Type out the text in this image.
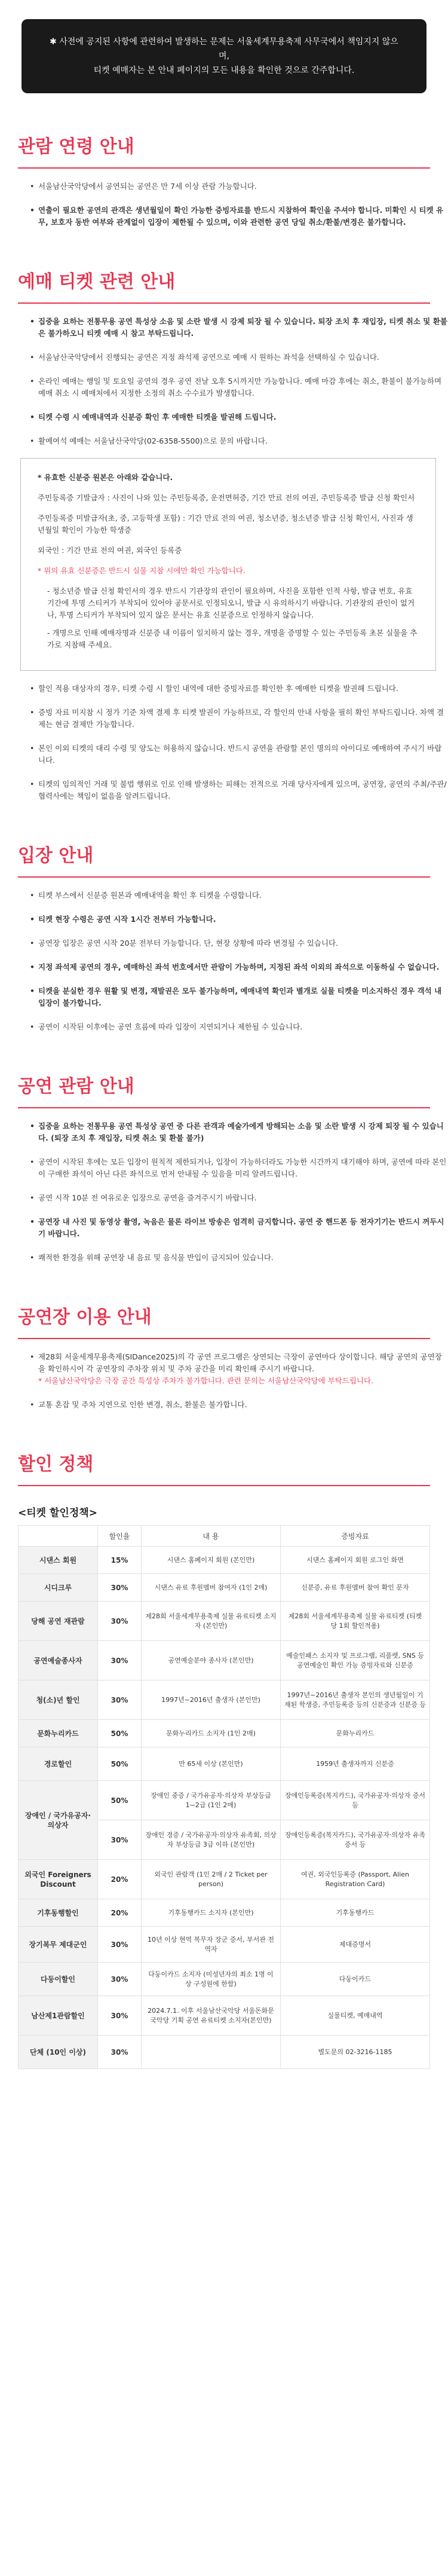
✱ 사전에 공지된 사항에 관련하여 발생하는 문제는 서울세계무용축제 사무국에서 책임지지 않으며,
티켓 예매자는 본 안내 페이지의 모든 내용을 확인한 것으로 간주합니다.
관람 연령 안내
• 서울남산국악당에서 공연되는 공연은 만 7세 이상 관람 가능합니다.
• 연출이 필요한 공연의 관객은 생년월일이 확인 가능한 증빙자료를 반드시 지참하여 확인을 주셔야 합니다. 미확인 시 티켓 유무, 보호자 동반 여부와 관계없이 입장이 제한될 수 있으며, 이와 관련한 공연 당일 취소/환불/변경은 불가합니다.
예매 티켓 관련 안내
• 집중을 요하는 전통무용 공연 특성상 소음 및 소란 발생 시 강제 퇴장 될 수 있습니다. 퇴장 조치 후 재입장, 티켓 취소 및 환불은 불가하오니 티켓 예매 시 참고 부탁드립니다.
• 서울남산국악당에서 진행되는 공연은 지정 좌석제 공연으로 예매 시 원하는 좌석을 선택하실 수 있습니다.
• 온라인 예매는 행일 및 토요일 공연의 경우 공연 전날 오후 5시까지만 가능합니다. 예매 마감 후에는 취소, 환불이 불가능하며 예매 취소 시 예매처에서 지정한 소정의 취소 수수료가 발생합니다.
• 티켓 수령 시 예매내역과 신분증 확인 후 예매한 티켓을 발권해 드립니다.
• 활예여석 예매는 서울남산국악당(02-6358-5500)으로 문의 바랍니다.

* 유효한 신분증 원본은 아래와 같습니다.

주민등록증 기발급자 : 사진이 나와 있는 주민등록증, 운전면허증, 기간 만료 전의 여권, 주민등록증 발급 신청 확인서

주민등록증 미발급자(초, 중, 고등학생 포함) : 기간 만료 전의 여권, 청소년증, 청소년증 발급 신청 확인서, 사진과 생년월일 확인이 가능한 학생증

외국인 : 기간 만료 전의 여권, 외국인 등록증

* 위의 유효 신분증은 반드시 실물 지참 시에만 확인 가능합니다.

- 청소년증 발급 신청 확인서의 경우 반드시 기관장의 관인이 필요하며, 사진을 포함한 인적 사항, 발급 번호, 유효기간에 투명 스티커가 부착되어 있어야 공문서로 인정되오니, 발급 시 유의하시기 바랍니다. 기관장의 관인이 없거나, 투명 스티커가 부착되어 있지 않은 문서는 유효 신분증으로 인정하지 않습니다.

- 개명으로 인해 예매자명과 신분증 내 이름이 일치하지 않는 경우, 개명을 증명할 수 있는 주민등록 초본 실물을 추가로 지참해 주세요.

• 할인 적용 대상자의 경우, 티켓 수령 시 할인 내역에 대한 증빙자료를 확인한 후 예매한 티켓을 발권해 드립니다.
• 증빙 자료 미지참 시 정가 기준 차액 결제 후 티켓 발권이 가능하므로, 각 할인의 안내 사항을 필히 확인 부탁드립니다. 차액 결제는 현금 결제만 가능합니다.
• 본인 이외 티켓의 대리 수령 및 양도는 허용하지 않습니다. 반드시 공연을 관람할 본인 명의의 아이디로 예매하여 주시기 바랍니다.
• 티켓의 임의적인 거래 및 불법 행위로 인로 인해 발생하는 피해는 전적으로 거래 당사자에게 있으며, 공연장, 공연의 주최/주관/협력사에는 책임이 없음을 알려드립니다.
입장 안내
• 티켓 부스에서 신분증 원본과 예매내역을 확인 후 티켓을 수령합니다.
• 티켓 현장 수령은 공연 시작 1시간 전부터 가능합니다.
• 공연장 입장은 공연 시작 20분 전부터 가능합니다. 단, 현장 상황에 따라 변경될 수 있습니다.
• 지정 좌석제 공연의 경우, 예매하신 좌석 번호에서만 관람이 가능하며, 지정된 좌석 이외의 좌석으로 이동하실 수 없습니다.
• 티켓을 분실한 경우 원활 및 변경, 재발권은 모두 불가능하며, 예매내역 확인과 별개로 실물 티켓을 미소지하신 경우 객석 내 입장이 불가합니다.
• 공연이 시작된 이후에는 공연 흐름에 따라 입장이 지연되거나 제한될 수 있습니다.
공연 관람 안내
• 집중을 요하는 전통무용 공연 특성상 공연 중 다른 관객과 예술가에게 방해되는 소음 및 소란 발생 시 강제 퇴장 될 수 있습니다. (퇴장 조치 후 재입장, 티켓 취소 및 환불 불가)
• 공연이 시작된 후에는 모든 입장이 원칙적 제한되거나, 입장이 가능하더라도 가능한 시간까지 대기해야 하며, 공연에 따라 본인이 구매한 좌석이 아닌 다른 좌석으로 먼저 안내될 수 있음을 미리 알려드립니다.
• 공연 시작 10분 전 여유로운 입장으로 공연을 즐겨주시기 바랍니다.
• 공연장 내 사진 및 동영상 촬영, 녹음은 물론 라이브 방송은 엄격히 금지합니다. 공연 중 핸드폰 등 전자기기는 반드시 꺼두시기 바랍니다.
• 쾌적한 환경을 위해 공연장 내 음료 및 음식물 반입이 금지되어 있습니다.
공연장 이용 안내
• 제28회 서울세계무용축제(SIDance2025)의 각 공연 프로그램은 상연되는 극장이 공연마다 상이합니다. 해당 공연의 공연장을 확인하시어 각 공연장의 주차장 위치 및 주차 공간을 미리 확인해 주시기 바랍니다.
* 서울남산국악당은 극장 공간 특성상 주차가 불가합니다. 관련 문의는 서울남산국악당에 부탁드립니다.
• 교통 혼잡 및 주차 지연으로 인한 변경, 취소, 환불은 불가합니다.
할인 정책
<티켓 할인정책>
	할인율	내 용	증빙자료
시댄스 회원	15%	시댄스 홈페이지 회원 (본인만)	시댄스 홈페이지 회원 로그인 화면
시디크루	30%	시댄스 유료 후원멤버 참여자 (1인 2매)	신분증, 유료 후원멤버 참여 확인 문자
당해 공연 재관람	30%	제28회 서울세계무용축제 실물 유료티켓 소지자 (본인만)	제28회 서울세계무용축제 실물 유료티켓 (티켓 당 1회 할인적용)
공연예술종사자	30%	공연예술분야 종사자 (본인만)	예술인패스 소지자 및 프로그램, 리플렛, SNS 등 공연예술인 확인 가능 증빙자료와 신분증
청(소)년 할인	30%	1997년~2016년 출생자 (본인만)	1997년~2016년 출생자 본인의 생년월일이 기재된 학생증, 주민등록증 등의 신분증과 신분증 등
문화누리카드	50%	문화누리카드 소지자 (1인 2매)	문화누리카드
경로할인	50%	만 65세 이상 (본인만)	1959년 출생자까지 신분증
장애인 / 국가유공자·의상자	50%	장애인 중증 / 국가유공자·의상자 부상등급 1~2급 (1인 2매)	장애인등록증(복지카드), 국가유공자·의상자 증서 등
	30%	장애인 경증 / 국가유공자·의상자 유족회, 의상자 부상등급 3급 이하 (본인만)	장애인등록증(복지카드), 국가유공자·의상자 유족 증서 등
외국인 Foreigners Discount	20%	외국인 관람객 (1인 2매 / 2 Ticket per person)	여권, 외국인등록증 (Passport, Alien Registration Card)
기후동행할인	20%	기후동행카드 소지자 (본인만)	기후동행카드
장기복무 제대군인	30%	10년 이상 현역 복무자 장군 증서, 부서관 전역자	제대증명서
다둥이할인	30%	다둥이카드 소지자 (미성년자의 최소 1명 이상 구성원에 한함)	다둥이카드
남산제1관람할인	30%	2024.7.1. 이후 서울남산국악당 서울돈화문국악당 기획 공연 유료티켓 소지자(본인만)	실물티켓, 예매내역
단체 (10인 이상)	30%		별도문의 02-3216-1185
